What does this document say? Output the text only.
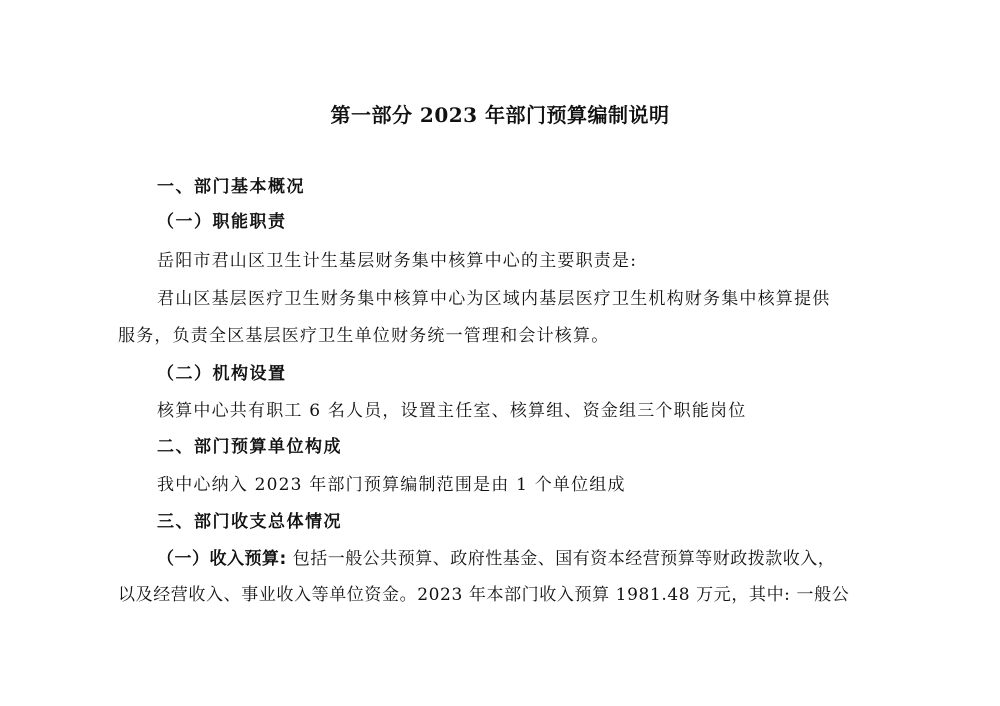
第一部分 2023 年部门预算编制说明
一、部门基本概况
（一）职能职责
岳阳市君山区卫生计生基层财务集中核算中心的主要职责是:
君山区基层医疗卫生财务集中核算中心为区域内基层医疗卫生机构财务集中核算提供
服务，负责全区基层医疗卫生单位财务统一管理和会计核算。
（二）机构设置
核算中心共有职工 6 名人员，设置主任室、核算组、资金组三个职能岗位
二、部门预算单位构成
我中心纳入 2023 年部门预算编制范围是由 1 个单位组成
三、部门收支总体情况
（一）收入预算: 包括一般公共预算、政府性基金、国有资本经营预算等财政拨款收入，
以及经营收入、事业收入等单位资金。2023 年本部门收入预算 1981.48 万元，其中: 一般公
